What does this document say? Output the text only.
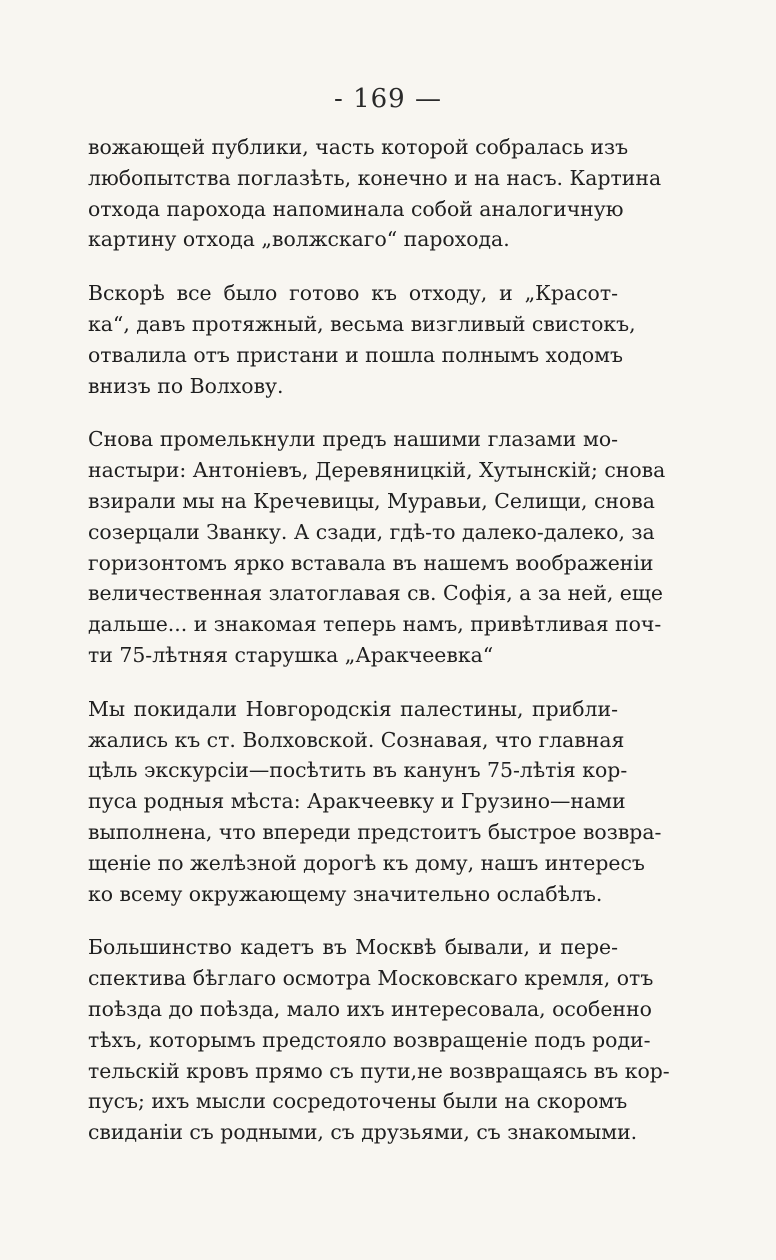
- 169 —

вожающей публики, часть которой собралась изъ
любопытства поглазѣть, конечно и на насъ. Картина
отхода парохода напоминала собой аналогичную
картину отхода „волжскаго“ парохода.

Вскорѣ все было готово къ отходу, и „Красот-
ка“, давъ протяжный, весьма визгливый свистокъ,
отвалила отъ пристани и пошла полнымъ ходомъ
внизъ по Волхову.

Снова промелькнули предъ нашими глазами мо-
настыри: Антоніевъ, Деревяницкій, Хутынскій; снова
взирали мы на Кречевицы, Муравьи, Селищи, снова
созерцали Званку. А сзади, гдѣ-то далеко-далеко, за
горизонтомъ ярко вставала въ нашемъ воображеніи
величественная златоглавая св. Софія, а за ней, еще
дальше... и знакомая теперь намъ, привѣтливая поч-
ти 75-лѣтняя старушка „Аракчеевка“

Мы покидали Новгородскія палестины, прибли-
жались къ ст. Волховской. Сознавая, что главная
цѣль экскурсіи—посѣтить въ канунъ 75-лѣтія кор-
пуса родныя мѣста: Аракчеевку и Грузино—нами
выполнена, что впереди предстоитъ быстрое возвра-
щеніе по желѣзной дорогѣ къ дому, нашъ интересъ
ко всему окружающему значительно ослабѣлъ.

Большинство кадетъ въ Москвѣ бывали, и пере-
спектива бѣглаго осмотра Московскаго кремля, отъ
поѣзда до поѣзда, мало ихъ интересовала, особенно
тѣхъ, которымъ предстояло возвращеніе подъ роди-
тельскій кровъ прямо съ пути,не возвращаясь въ кор-
пусъ; ихъ мысли сосредоточены были на скоромъ
свиданіи съ родными, съ друзьями, съ знакомыми.
